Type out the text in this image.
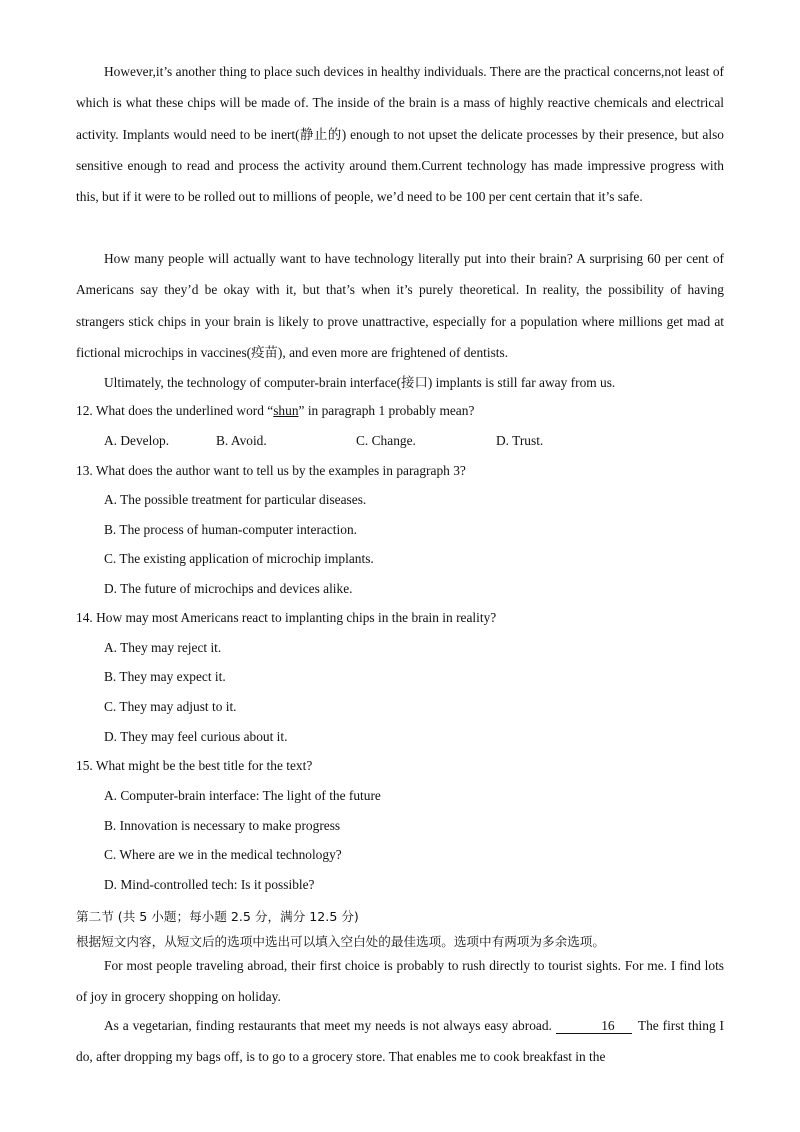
However,it’s another thing to place such devices in healthy individuals. There are the practical concerns,not least of which is what these chips will be made of. The inside of the brain is a mass of highly reactive chemicals and electrical activity. Implants would need to be inert(静止的) enough to not upset the delicate processes by their presence, but also sensitive enough to read and process the activity around them.Current technology has made impressive progress with this, but if it were to be rolled out to millions of people, we’d need to be 100 per cent certain that it’s safe.

How many people will actually want to have technology literally put into their brain? A surprising 60 per cent of Americans say they’d be okay with it, but that’s when it’s purely theoretical. In reality, the possibility of having strangers stick chips in your brain is likely to prove unattractive, especially for a population where millions get mad at fictional microchips in vaccines(疫苗), and even more are frightened of dentists.

Ultimately, the technology of computer-brain interface(接口) implants is still far away from us.

12. What does the underlined word “shun” in paragraph 1 probably mean?
A. Develop.	B. Avoid.	C. Change.	D. Trust.
13. What does the author want to tell us by the examples in paragraph 3?
A. The possible treatment for particular diseases.
B. The process of human-computer interaction.
C. The existing application of microchip implants.
D. The future of microchips and devices alike.
14. How may most Americans react to implanting chips in the brain in reality?
A. They may reject it.
B. They may expect it.
C. They may adjust to it.
D. They may feel curious about it.
15. What might be the best title for the text?
A. Computer-brain interface: The light of the future
B. Innovation is necessary to make progress
C. Where are we in the medical technology?
D. Mind-controlled tech: Is it possible?
第二节 (共 5 小题；每小题 2.5 分，满分 12.5 分)
根据短文内容，从短文后的选项中选出可以填入空白处的最佳选项。选项中有两项为多余选项。

For most people traveling abroad, their first choice is probably to rush directly to tourist sights. For me. I find lots of joy in grocery shopping on holiday.

As a vegetarian, finding restaurants that meet my needs is not always easy abroad.	16 The first thing I do, after dropping my bags off, is to go to a grocery store. That enables me to cook breakfast in the
